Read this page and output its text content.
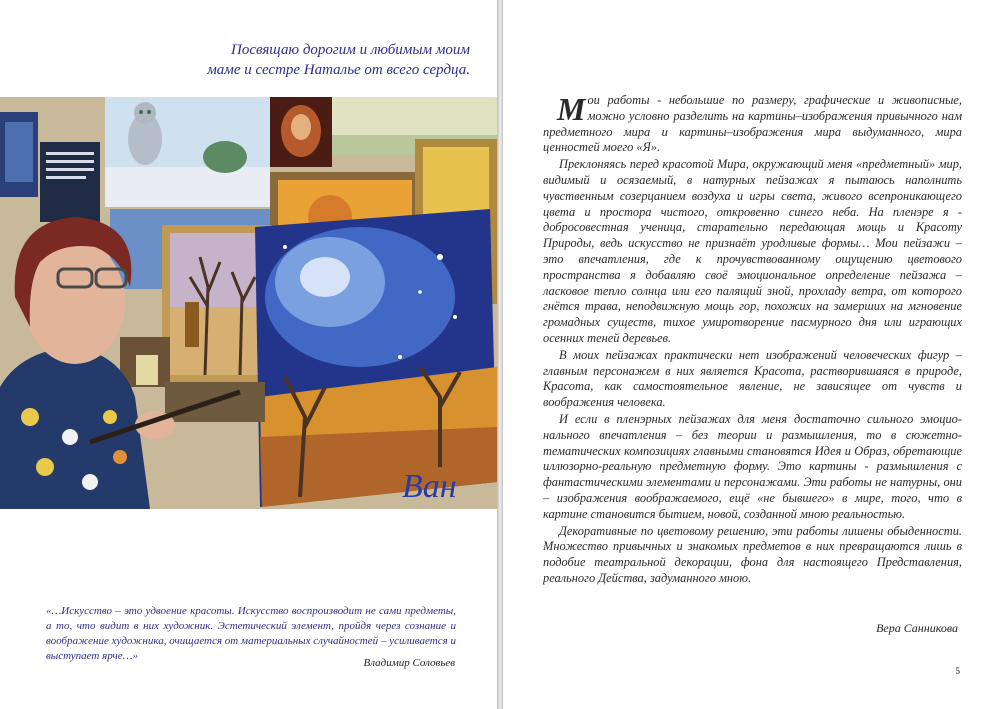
Посвящаю дорогим и любимым моим
маме и сестре Наталье от всего сердца.
Ван
«…Искусство – это удвоение красоты. Искусство воспроизводит не сами предметы, а то, что видит в них художник. Эстетический элемент, пройдя через сознание и воображение художника, очищается от материальных случайностей – усиливается и выступает ярче…»
Владимир Соловьев

Мои работы - небольшие по размеру, графические и живописные, можно условно разделить на картины–изображения привычного нам предметного мира и картины–изображения мира выдуманного, мира ценностей моего «Я».

Преклоняясь перед красотой Мира, окружающий меня «предметный» мир, видимый и осязаемый, в натурных пейзажах я пытаюсь наполнить чувственным созерцанием воздуха и игры света, живого всепроникающего цвета и простора чистого, откровенно синего неба. На пленэре я - добросовестная ученица, старательно передающая мощь и Красоту Природы, ведь искусство не признаёт уродливые формы… Мои пейзажи – это впечатления, где к прочувствованному ощущению цветового пространства я добавляю своё эмоциональное определение пейзажа – ласковое тепло солнца или его палящий зной, прохладу ветра, от которого гнётся трава, неподвижную мощь гор, похожих на замерших на мгновение громадных существ, тихое умиротворение пасмурного дня или играющих осенних теней деревьев.

В моих пейзажах практически нет изображений человеческих фигур – главным персонажем в них является Красота, растворившаяся в природе, Красота, как самостоятельное явление, не зависящее от чувств и воображения человека.

И если в пленэрных пейзажах для меня достаточно сильного эмоционального впечатления – без теории и размышления, то в сюжетно-тематических композициях главными становятся Идея и Образ, обретающие иллюзорно-реальную предметную форму. Это картины - размышления с фантастическими элементами и персонажами. Эти работы не натурны, они – изображения воображаемого, ещё «не бывшего» в мире, того, что в картине становится бытием, новой, созданной мною реальностью.

Декоративные по цветовому решению, эти работы лишены обыденности. Множество привычных и знакомых предметов в них превращаются лишь в подобие театральной декорации, фона для настоящего Представления, реального Действа, задуманного мною.

Вера Санникова
5
